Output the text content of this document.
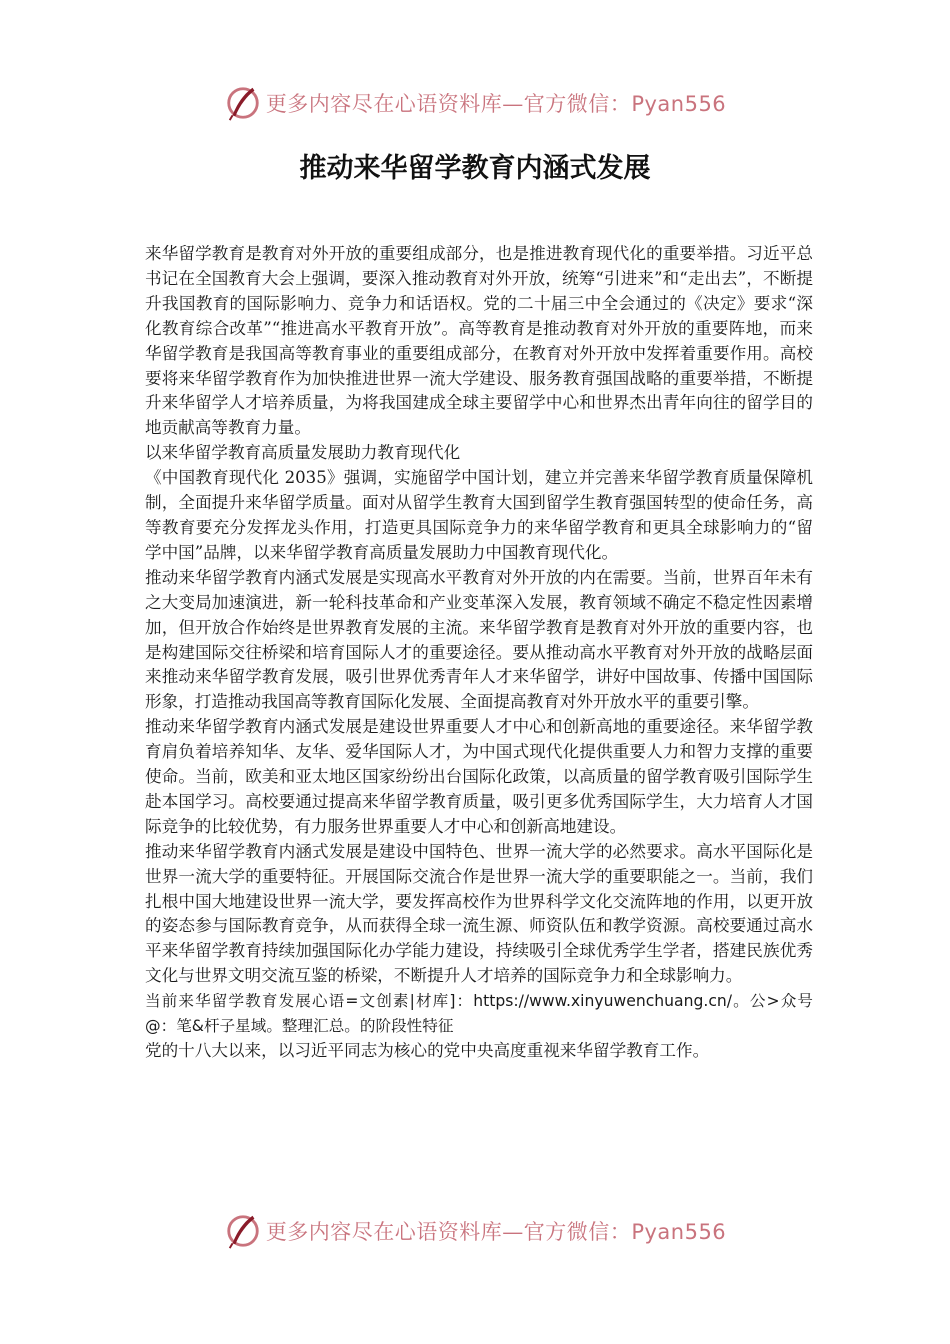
更多内容尽在心语资料库—官方微信：Pyan556
推动来华留学教育内涵式发展

来华留学教育是教育对外开放的重要组成部分，也是推进教育现代化的重要举措。习近平总书记在全国教育大会上强调，要深入推动教育对外开放，统筹“引进来”和“走出去”，不断提升我国教育的国际影响力、竞争力和话语权。党的二十届三中全会通过的《决定》要求“深化教育综合改革”“推进高水平教育开放”。高等教育是推动教育对外开放的重要阵地，而来华留学教育是我国高等教育事业的重要组成部分，在教育对外开放中发挥着重要作用。高校要将来华留学教育作为加快推进世界一流大学建设、服务教育强国战略的重要举措，不断提升来华留学人才培养质量，为将我国建成全球主要留学中心和世界杰出青年向往的留学目的地贡献高等教育力量。

以来华留学教育高质量发展助力教育现代化

《中国教育现代化 2035》强调，实施留学中国计划，建立并完善来华留学教育质量保障机制，全面提升来华留学质量。面对从留学生教育大国到留学生教育强国转型的使命任务，高等教育要充分发挥龙头作用，打造更具国际竞争力的来华留学教育和更具全球影响力的“留学中国”品牌，以来华留学教育高质量发展助力中国教育现代化。

推动来华留学教育内涵式发展是实现高水平教育对外开放的内在需要。当前，世界百年未有之大变局加速演进，新一轮科技革命和产业变革深入发展，教育领域不确定不稳定性因素增加，但开放合作始终是世界教育发展的主流。来华留学教育是教育对外开放的重要内容，也是构建国际交往桥梁和培育国际人才的重要途径。要从推动高水平教育对外开放的战略层面来推动来华留学教育发展，吸引世界优秀青年人才来华留学，讲好中国故事、传播中国国际形象，打造推动我国高等教育国际化发展、全面提高教育对外开放水平的重要引擎。

推动来华留学教育内涵式发展是建设世界重要人才中心和创新高地的重要途径。来华留学教育肩负着培养知华、友华、爱华国际人才，为中国式现代化提供重要人力和智力支撑的重要使命。当前，欧美和亚太地区国家纷纷出台国际化政策，以高质量的留学教育吸引国际学生赴本国学习。高校要通过提高来华留学教育质量，吸引更多优秀国际学生，大力培育人才国际竞争的比较优势，有力服务世界重要人才中心和创新高地建设。

推动来华留学教育内涵式发展是建设中国特色、世界一流大学的必然要求。高水平国际化是世界一流大学的重要特征。开展国际交流合作是世界一流大学的重要职能之一。当前，我们扎根中国大地建设世界一流大学，要发挥高校作为世界科学文化交流阵地的作用，以更开放的姿态参与国际教育竞争，从而获得全球一流生源、师资队伍和教学资源。高校要通过高水平来华留学教育持续加强国际化办学能力建设，持续吸引全球优秀学生学者，搭建民族优秀文化与世界文明交流互鉴的桥梁，不断提升人才培养的国际竞争力和全球影响力。

当前来华留学教育发展心语=文创素|材库]：https://www.xinyuwenchuang.cn/。公>众号@：笔&杆子星域。整理汇总。的阶段性特征

党的十八大以来，以习近平同志为核心的党中央高度重视来华留学教育工作。

更多内容尽在心语资料库—官方微信：Pyan556
